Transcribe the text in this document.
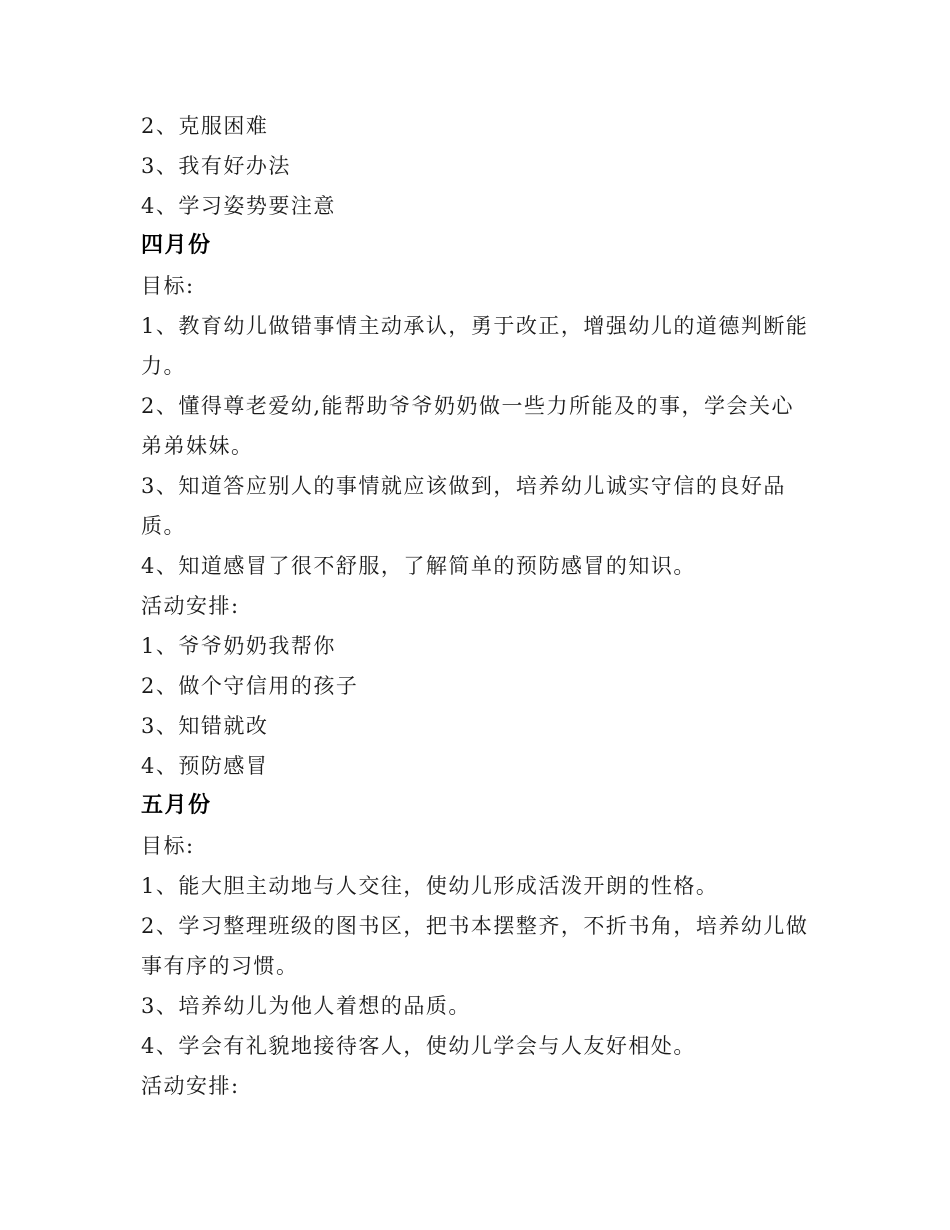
2、克服困难

3、我有好办法

4、学习姿势要注意

四月份

目标:

1、教育幼儿做错事情主动承认，勇于改正，增强幼儿的道德判断能力。

2、懂得尊老爱幼,能帮助爷爷奶奶做一些力所能及的事，学会关心弟弟妹妹。

3、知道答应别人的事情就应该做到，培养幼儿诚实守信的良好品质。

4、知道感冒了很不舒服，了解简单的预防感冒的知识。

活动安排:

1、爷爷奶奶我帮你

2、做个守信用的孩子

3、知错就改

4、预防感冒

五月份

目标:

1、能大胆主动地与人交往，使幼儿形成活泼开朗的性格。

2、学习整理班级的图书区，把书本摆整齐，不折书角，培养幼儿做事有序的习惯。

3、培养幼儿为他人着想的品质。

4、学会有礼貌地接待客人，使幼儿学会与人友好相处。

活动安排:
